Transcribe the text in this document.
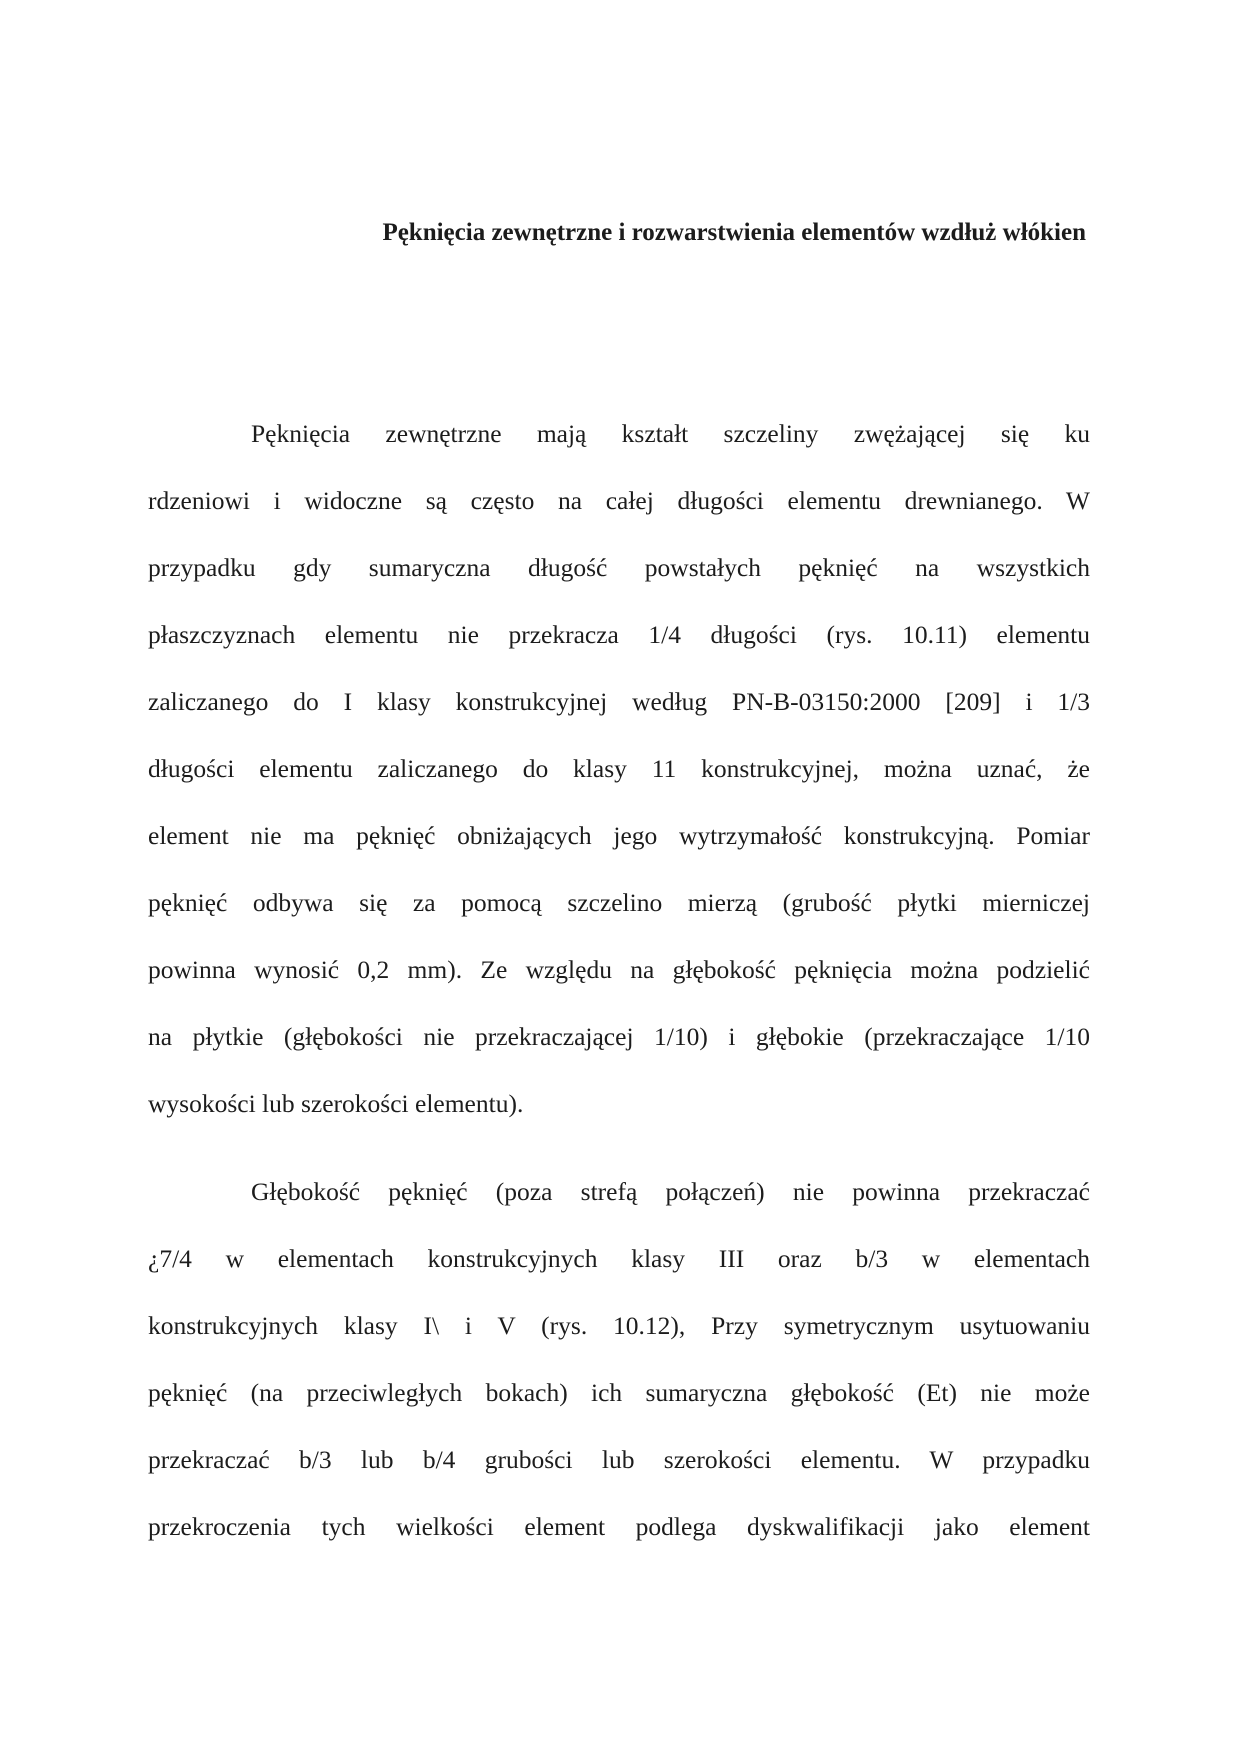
Pęknięcia zewnętrzne i rozwarstwienia elementów wzdłuż włókien
Pęknięcia zewnętrzne mają kształt szczeliny zwężającej się ku
rdzeniowi i widoczne są często na całej długości elementu drewnianego. W
przypadku gdy sumaryczna długość powstałych pęknięć na wszystkich
płaszczyznach elementu nie przekracza 1/4 długości (rys. 10.11) elementu
zaliczanego do I klasy konstrukcyjnej według PN-B-03150:2000 [209] i 1/3
długości elementu zaliczanego do klasy 11 konstrukcyjnej, można uznać, że
element nie ma pęknięć obniżających jego wytrzymałość konstrukcyjną. Pomiar
pęknięć odbywa się za pomocą szczelino mierzą (grubość płytki mierniczej
powinna wynosić 0,2 mm). Ze względu na głębokość pęknięcia można podzielić
na płytkie (głębokości nie przekraczającej 1/10) i głębokie (przekraczające 1/10
wysokości lub szerokości elementu).
Głębokość pęknięć (poza strefą połączeń) nie powinna przekraczać
¿7/4 w elementach konstrukcyjnych klasy III oraz b/3 w elementach
konstrukcyjnych klasy I\ i V (rys. 10.12), Przy symetrycznym usytuowaniu
pęknięć (na przeciwległych bokach) ich sumaryczna głębokość (Et) nie może
przekraczać b/3 lub b/4 grubości lub szerokości elementu. W przypadku
przekroczenia tych wielkości element podlega dyskwalifikacji jako element
